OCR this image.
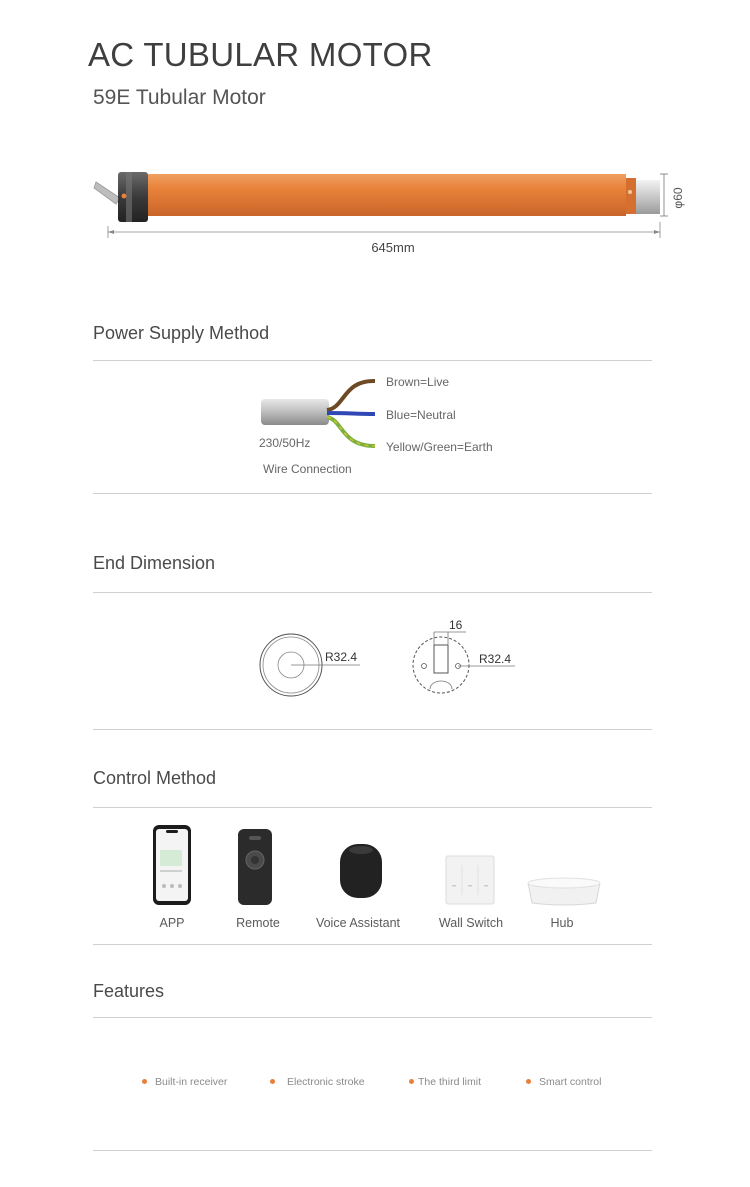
AC TUBULAR MOTOR
59E Tubular Motor
φ60
645mm
Power Supply Method
Brown=Live
Blue=Neutral
Yellow/Green=Earth
230/50Hz
Wire Connection
End Dimension
R32.4
16
R32.4
Control Method
APP	Remote	Voice Assistant	Wall Switch	Hub
Features
Built-in receiver	Electronic stroke	The third limit	Smart control
